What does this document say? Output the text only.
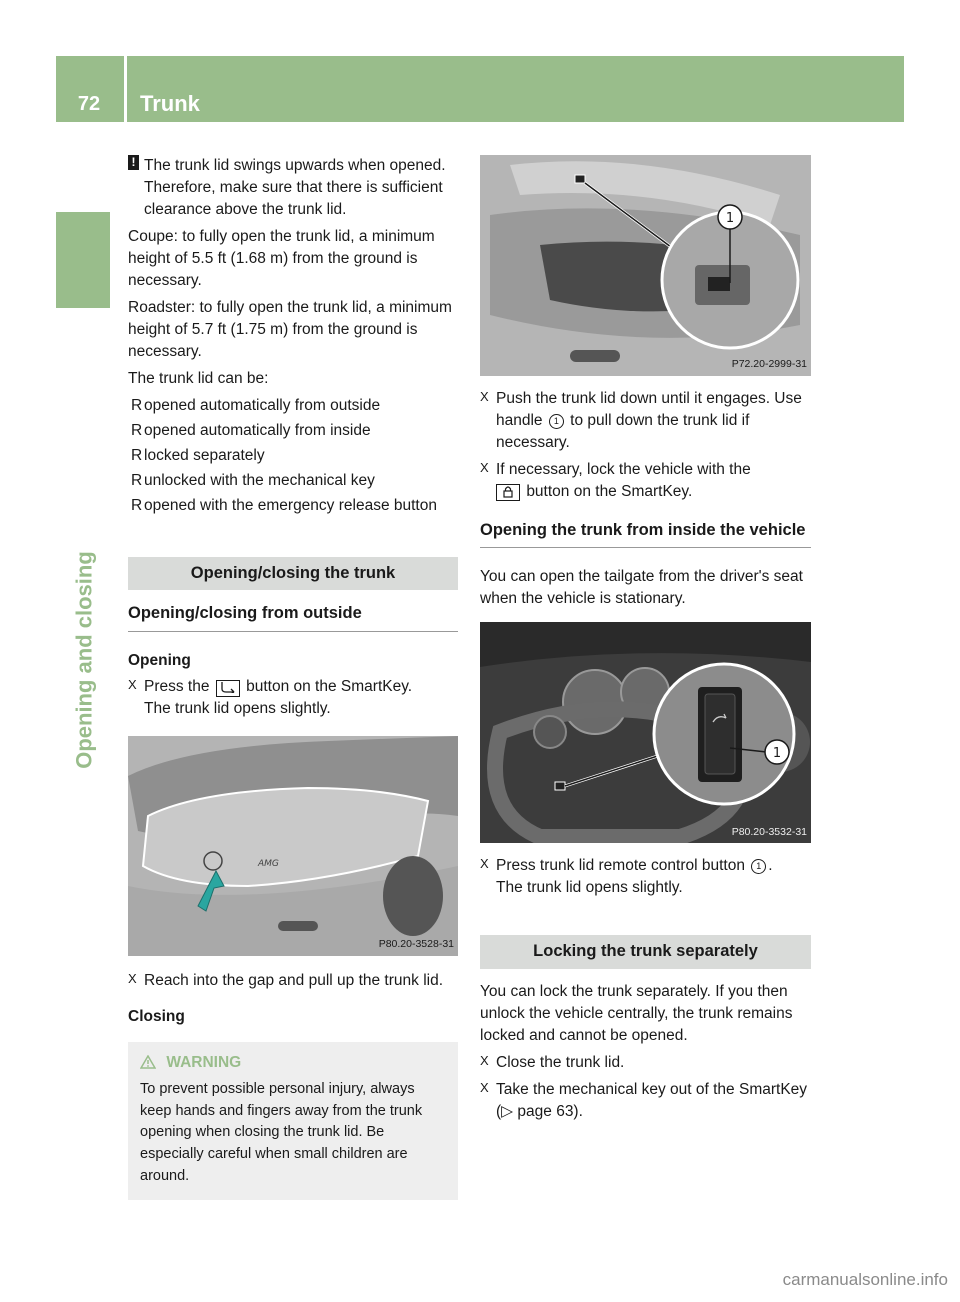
72	Trunk
Opening and closing
! The trunk lid swings upwards when opened. Therefore, make sure that there is sufficient clearance above the trunk lid.

Coupe: to fully open the trunk lid, a minimum height of 5.5 ft (1.68 m) from the ground is necessary.

Roadster: to fully open the trunk lid, a minimum height of 5.7 ft (1.75 m) from the ground is necessary.

The trunk lid can be:

R opened automatically from outside
R opened automatically from inside
R locked separately
R unlocked with the mechanical key
R opened with the emergency release button
Opening/closing the trunk
Opening/closing from outside
Opening
X Press the button on the SmartKey.
The trunk lid opens slightly.
AMG
P80.20-3528-31
X Reach into the gap and pull up the trunk lid.
Closing
WARNING
To prevent possible personal injury, always keep hands and fingers away from the trunk opening when closing the trunk lid. Be especially careful when small children are around.
1
P72.20-2999-31
X Push the trunk lid down until it engages. Use handle 1 to pull down the trunk lid if necessary.
X If necessary, lock the vehicle with the
button on the SmartKey.
Opening the trunk from inside the vehicle

You can open the tailgate from the driver's seat when the vehicle is stationary.

1
P80.20-3532-31
X Press trunk lid remote control button 1 .
The trunk lid opens slightly.
Locking the trunk separately

You can lock the trunk separately. If you then unlock the vehicle centrally, the trunk remains locked and cannot be opened.

X Close the trunk lid.
X Take the mechanical key out of the SmartKey (▷ page 63).
carmanualsonline.info
